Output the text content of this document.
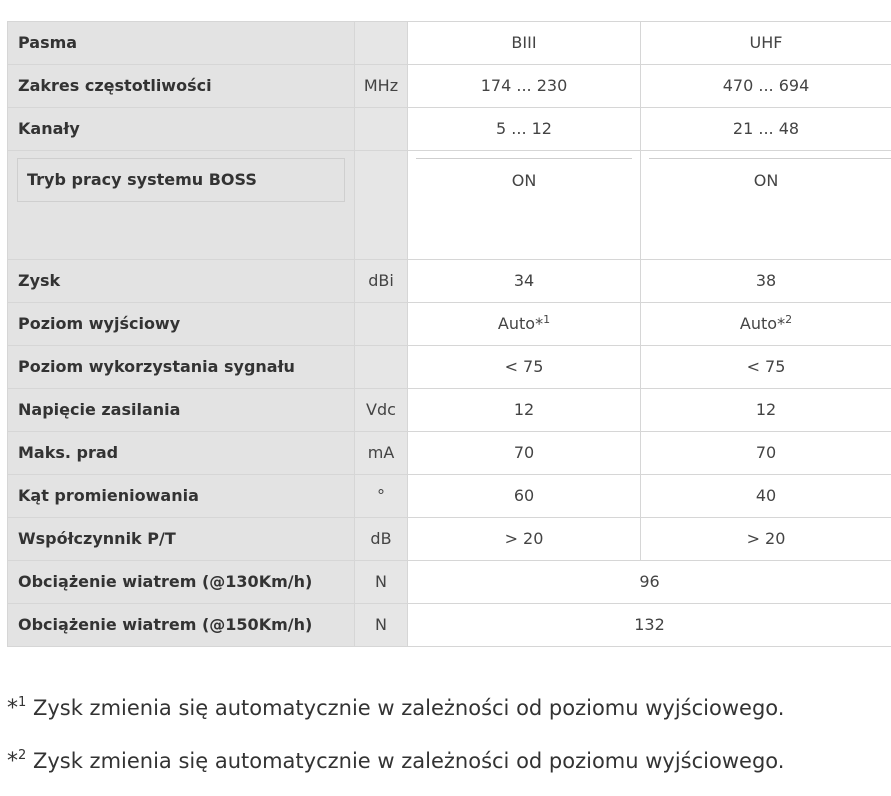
Pasma		BIII	UHF
Zakres częstotliwości	MHz	174 ... 230	470 ... 694
Kanały		5 ... 12	21 ... 48

Tryb pracy systemu BOSS		ON	ON

Zysk	dBi	34	38
Poziom wyjściowy		Auto*$^1$	Auto*$^2$
Poziom wykorzystania sygnału		< 75	< 75
Napięcie zasilania	Vdc	12	12
Maks. prad	mA	70	70
Kąt promieniowania	°	60	40
Współczynnik P/T	dB	> 20	> 20
Obciążenie wiatrem (@130Km/h)	N	96	
Obciążenie wiatrem (@150Km/h)	N	132	
*$^1$ Zysk zmienia się automatycznie w zależności od poziomu wyjściowego.
*$^2$ Zysk zmienia się automatycznie w zależności od poziomu wyjściowego.
